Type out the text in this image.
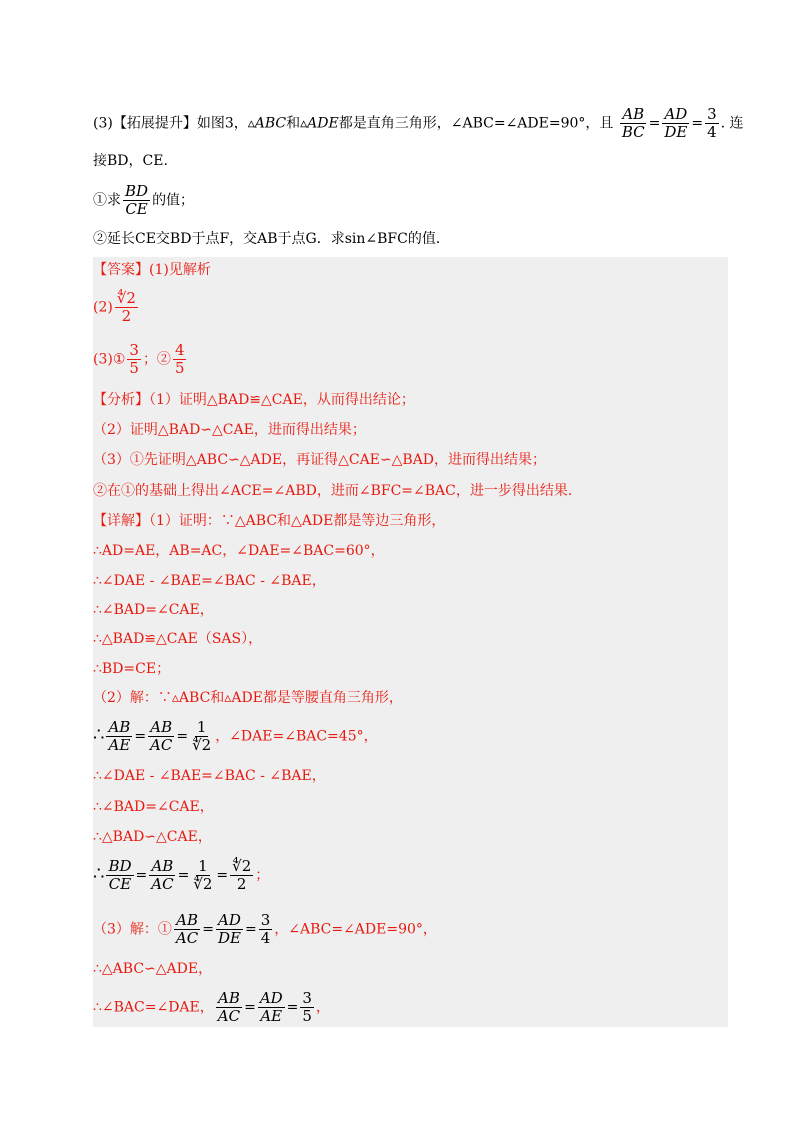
(3)【拓展提升】如图3，▵ABC和▵ADE都是直角三角形，∠ABC=∠ADE=90°，且 $\frac{AB}{BC} = \frac{AD}{DE} = \frac{3}{4}$ . 连
接BD，CE.
①求 $\frac{BD}{CE}$ 的值；
②延长CE交BD于点F，交AB于点G．求sin∠BFC的值．
【答案】(1)见解析
$(2) \frac{∜2}{2}$
(3)① $\frac{3}{5}$ ；② $\frac{4}{5}$
【分析】（1）证明△BAD≌△CAE，从而得出结论；
（2）证明△BAD∽△CAE，进而得出结果；
（3）①先证明△ABC∽△ADE，再证得△CAE∽△BAD，进而得出结果；
②在①的基础上得出∠ACE=∠ABD，进而∠BFC=∠BAC，进一步得出结果.
【详解】（1）证明：∵△ABC和△ADE都是等边三角形，
∴AD=AE，AB=AC，∠DAE=∠BAC=60°，
∴∠DAE - ∠BAE=∠BAC - ∠BAE，
∴∠BAD=∠CAE，
∴△BAD≌△CAE（SAS），
∴BD=CE；
（2）解：∵▵ABC和▵ADE都是等腰直角三角形，
∴ $\frac{AB}{AE} = \frac{AB}{AC} = \frac{1}{∜2}$ ，∠DAE=∠BAC=45°，
∴∠DAE - ∠BAE=∠BAC - ∠BAE，
∴∠BAD=∠CAE，
∴△BAD∽△CAE，
∴ $\frac{BD}{CE} = \frac{AB}{AC} = \frac{1}{∜2} = \frac{∜2}{2}$ ；
（3）解：① $\frac{AB}{AC} = \frac{AD}{DE} = \frac{3}{4}$ ，∠ABC=∠ADE=90°，
∴△ABC∽△ADE，
∴∠BAC=∠DAE， $\frac{AB}{AC} = \frac{AD}{AE} = \frac{3}{5}$ ，
